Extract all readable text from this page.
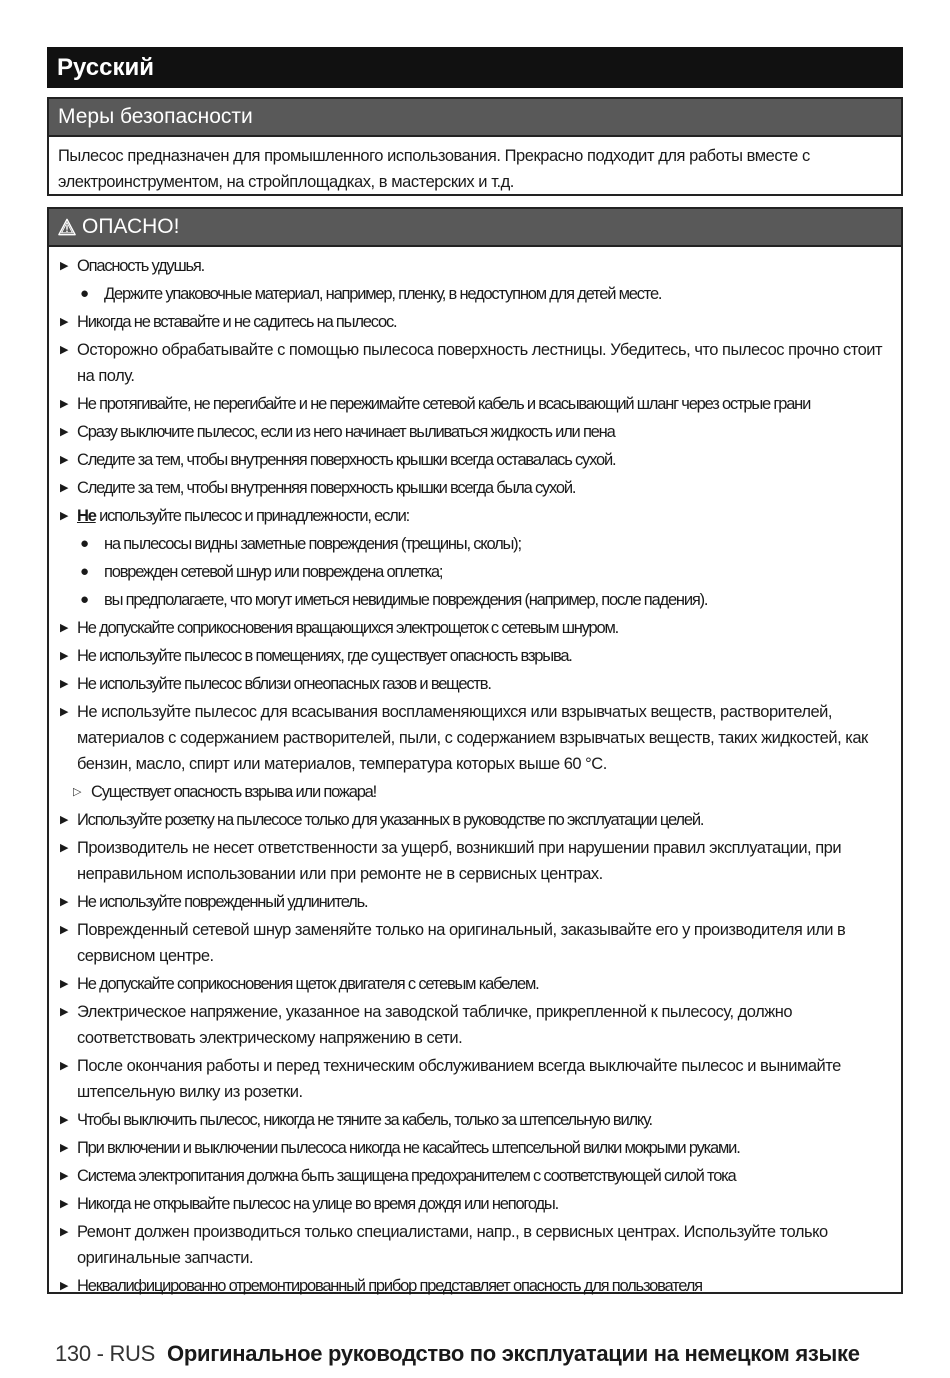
Русский
Меры безопасности
Пылесос предназначен для промышленного использования. Прекрасно подходит для работы вместе с электроинструментом, на стройплощадках, в мастерских и т.д.
ОПАСНО!
▶ Опасность удушья.
● Держите упаковочные материал, например, пленку, в недоступном для детей месте.
▶ Никогда не вставайте и не садитесь на пылесос.
▶ Осторожно обрабатывайте с помощью пылесоса поверхность лестницы. Убедитесь, что пылесос прочно стоит на полу.
▶ Не протягивайте, не перегибайте и не пережимайте сетевой кабель и всасывающий шланг через острые грани
▶ Сразу выключите пылесос, если из него начинает выливаться жидкость или пена
▶ Следите за тем, чтобы внутренняя поверхность крышки всегда оставалась сухой.
▶ Следите за тем, чтобы внутренняя поверхность крышки всегда была сухой.
▶ Не используйте пылесос и принадлежности, если:
● на пылесосы видны заметные повреждения (трещины, сколы);
● поврежден сетевой шнур или повреждена оплетка;
● вы предполагаете, что могут иметься невидимые повреждения (например, после падения).
▶ Не допускайте соприкосновения вращающихся электрощеток с сетевым шнуром.
▶ Не используйте пылесос в помещениях, где существует опасность взрыва.
▶ Не используйте пылесос вблизи огнеопасных газов и веществ.
▶ Не используйте пылесос для всасывания воспламеняющихся или взрывчатых веществ, растворителей, материалов с содержанием растворителей, пыли, с содержанием взрывчатых веществ, таких жидкостей, как бензин, масло, спирт или материалов, температура которых выше 60 °C.
▷ Существует опасность взрыва или пожара!
▶ Используйте розетку на пылесосе только для указанных в руководстве по эксплуатации целей.
▶ Производитель не несет ответственности за ущерб, возникший при нарушении правил эксплуатации, при неправильном использовании или при ремонте не в сервисных центрах.
▶ Не используйте поврежденный удлинитель.
▶ Поврежденный сетевой шнур заменяйте только на оригинальный, заказывайте его у производителя или в сервисном центре.
▶ Не допускайте соприкосновения щеток двигателя с сетевым кабелем.
▶ Электрическое напряжение, указанное на заводской табличке, прикрепленной к пылесосу, должно соответствовать электрическому напряжению в сети.
▶ После окончания работы и перед техническим обслуживанием всегда выключайте пылесос и вынимайте штепсельную вилку из розетки.
▶ Чтобы выключить пылесос, никогда не тяните за кабель, только за штепсельную вилку.
▶ При включении и выключении пылесоса никогда не касайтесь штепсельной вилки мокрыми руками.
▶ Система электропитания должна быть защищена предохранителем с соответствующей силой тока
▶ Никогда не открывайте пылесос на улице во время дождя или непогоды.
▶ Ремонт должен производиться только специалистами, напр., в сервисных центрах. Используйте только оригинальные запчасти.
▶ Неквалифицированно отремонтированный прибор представляет опасность для пользователя
130 - RUS Оригинальное руководство по эксплуатации на немецком языке
